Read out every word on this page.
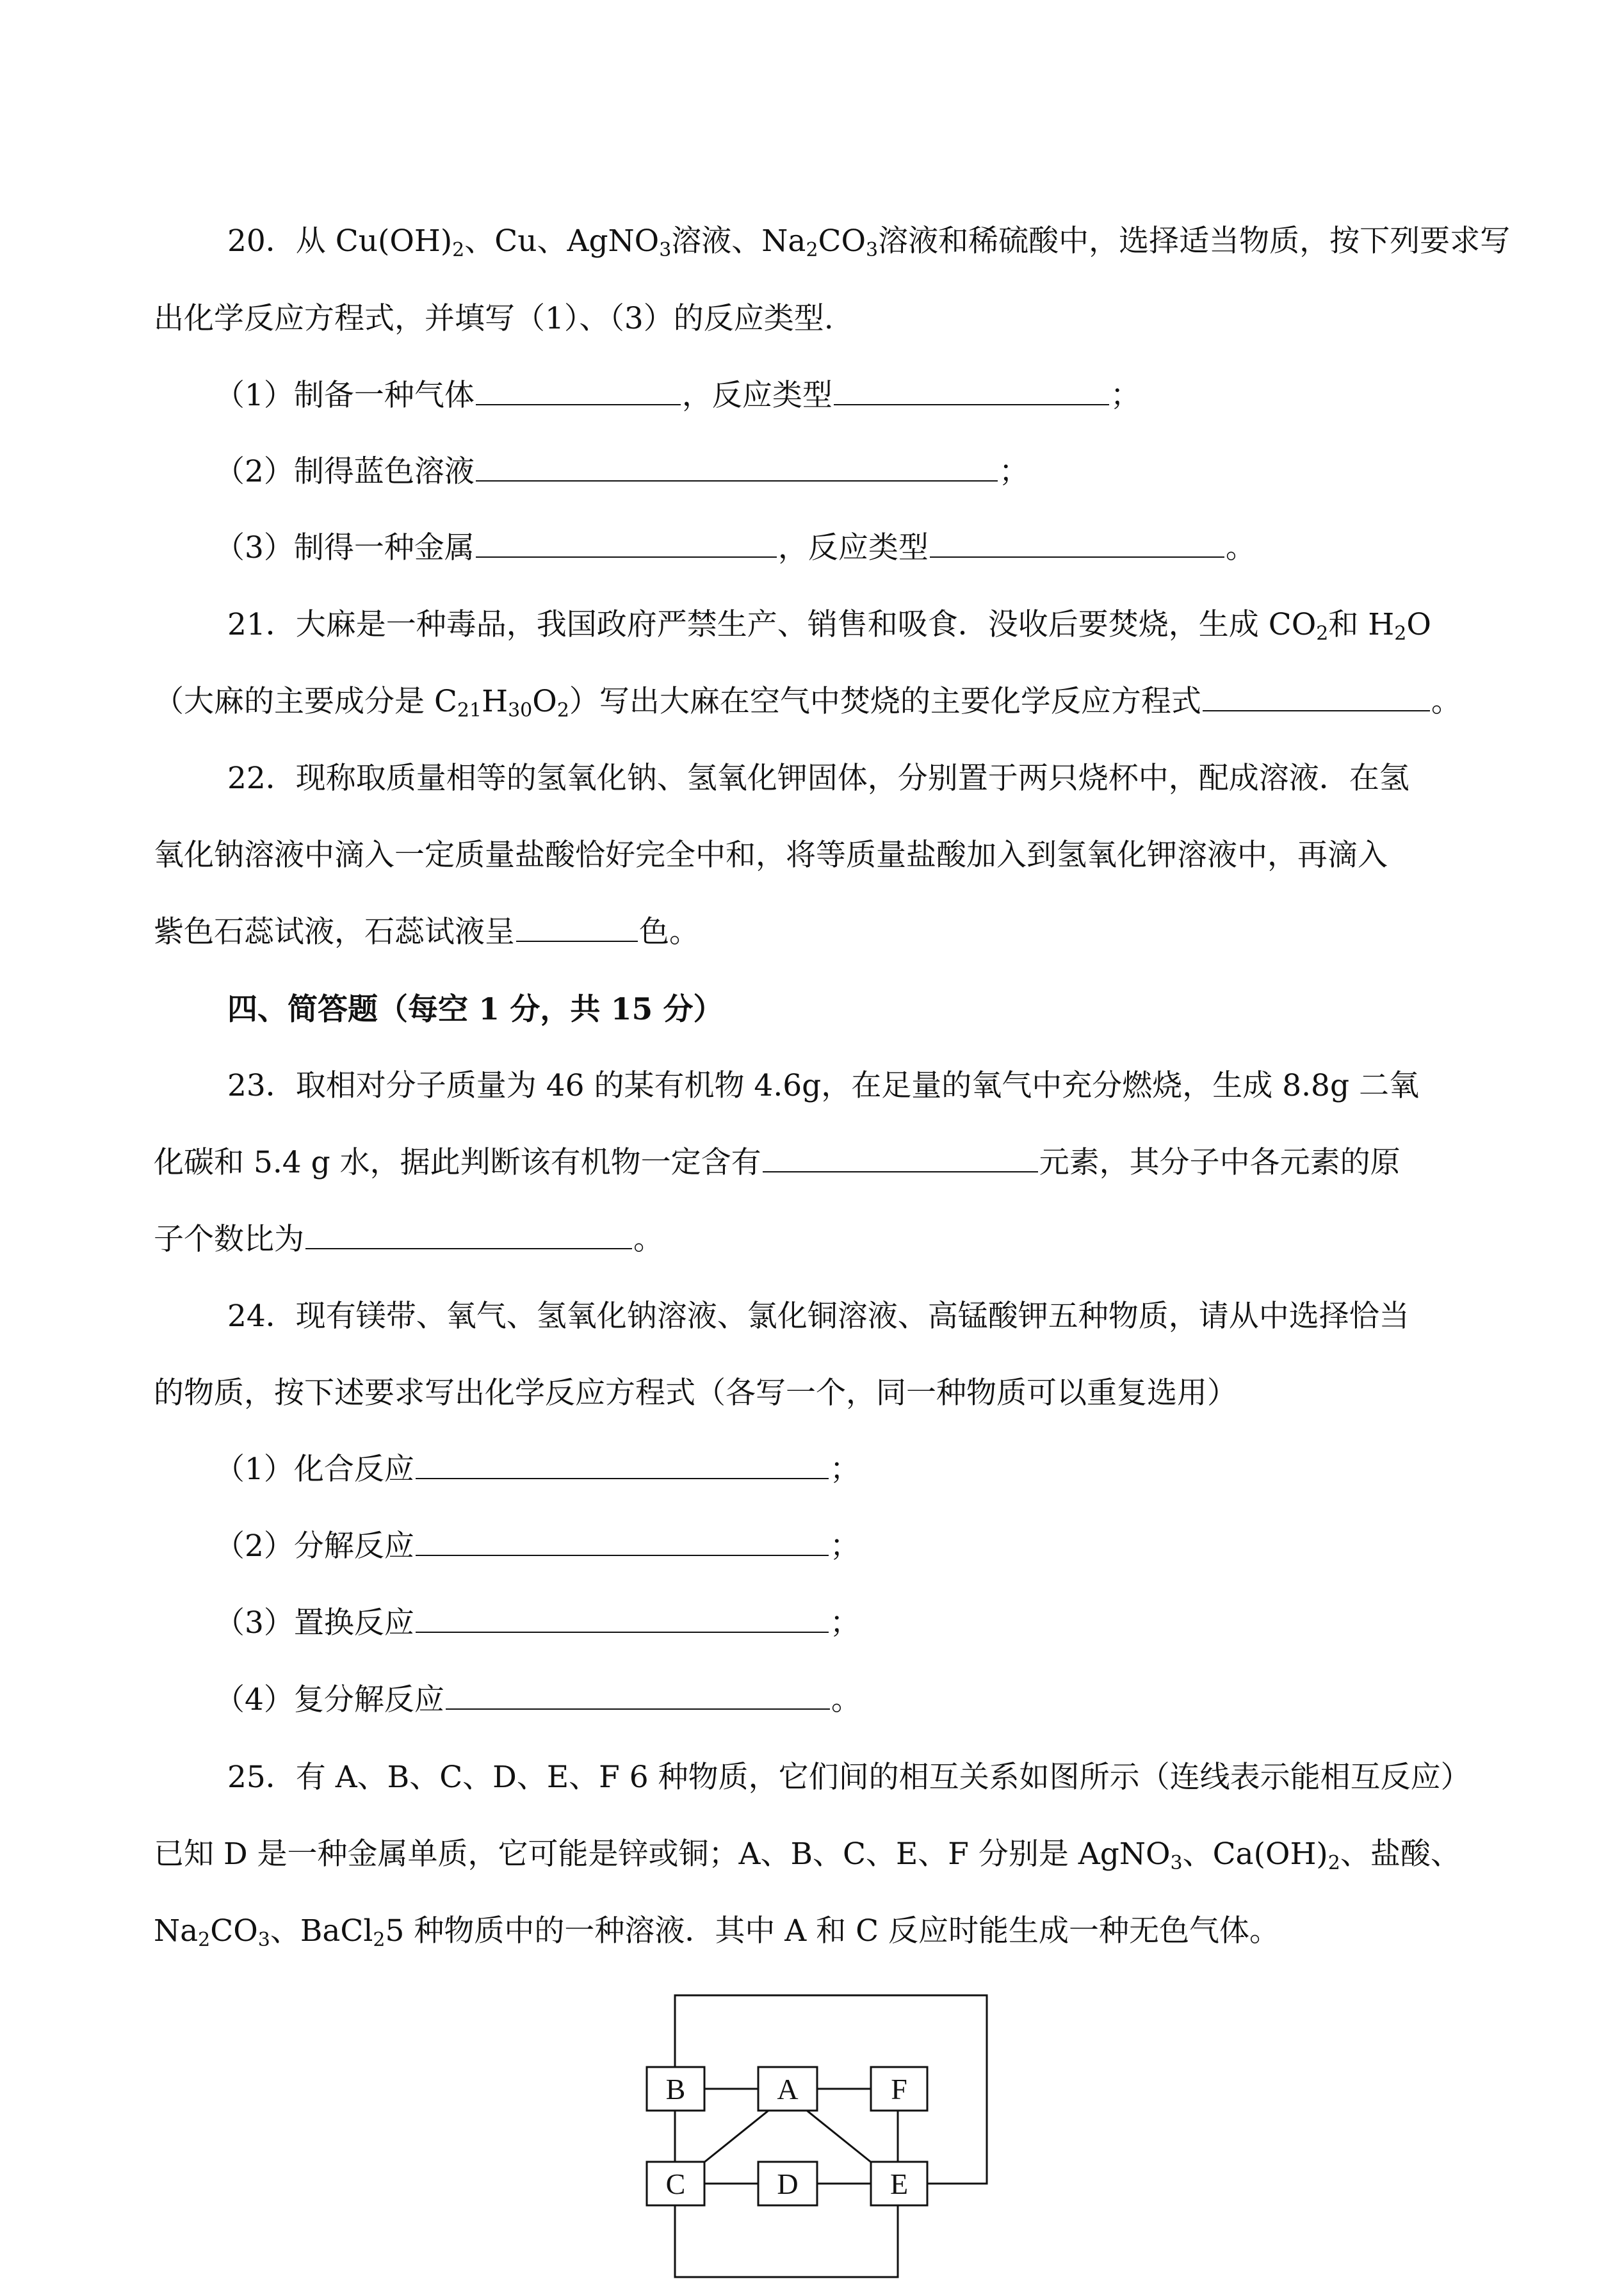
20．从 $Cu(OH)_2$、Cu、AgNO$_3$溶液、$Na_2CO_3$溶液和稀硫酸中，选择适当物质，按下列要求写
出化学反应方程式，并填写（1）、（3）的反应类型.
（1）制备一种气体	，反应类型	；
（2）制得蓝色溶液	；
（3）制得一种金属	，反应类型	。
21．大麻是一种毒品，我国政府严禁生产、销售和吸食．没收后要焚烧，生成 $CO_2$和 $H_2O$
（大麻的主要成分是 $C_{21}H_{30}O_2$）写出大麻在空气中焚烧的主要化学反应方程式	。
22．现称取质量相等的氢氧化钠、氢氧化钾固体，分别置于两只烧杯中，配成溶液．在氢
氧化钠溶液中滴入一定质量盐酸恰好完全中和，将等质量盐酸加入到氢氧化钾溶液中，再滴入
紫色石蕊试液，石蕊试液呈	色。
四、简答题（每空 1 分，共 15 分）
23．取相对分子质量为 46 的某有机物 4.6g，在足量的氧气中充分燃烧，生成 8.8g 二氧
化碳和 5.4 g 水，据此判断该有机物一定含有	元素，其分子中各元素的原
子个数比为	。
24．现有镁带、氧气、氢氧化钠溶液、氯化铜溶液、高锰酸钾五种物质，请从中选择恰当
的物质，按下述要求写出化学反应方程式（各写一个，同一种物质可以重复选用）
（1）化合反应	；
（2）分解反应	；
（3）置换反应	；
（4）复分解反应	。
25．有 A、B、C、D、E、F 6 种物质，它们间的相互关系如图所示（连线表示能相互反应）
已知 D 是一种金属单质，它可能是锌或铜；A、B、C、E、F 分别是 AgNO$_3$、$Ca(OH)_2$、盐酸、
$Na_2CO_3$、BaCl$_2$5 种物质中的一种溶液．其中 A 和 C 反应时能生成一种无色气体。
B	A	F
C	D	E
